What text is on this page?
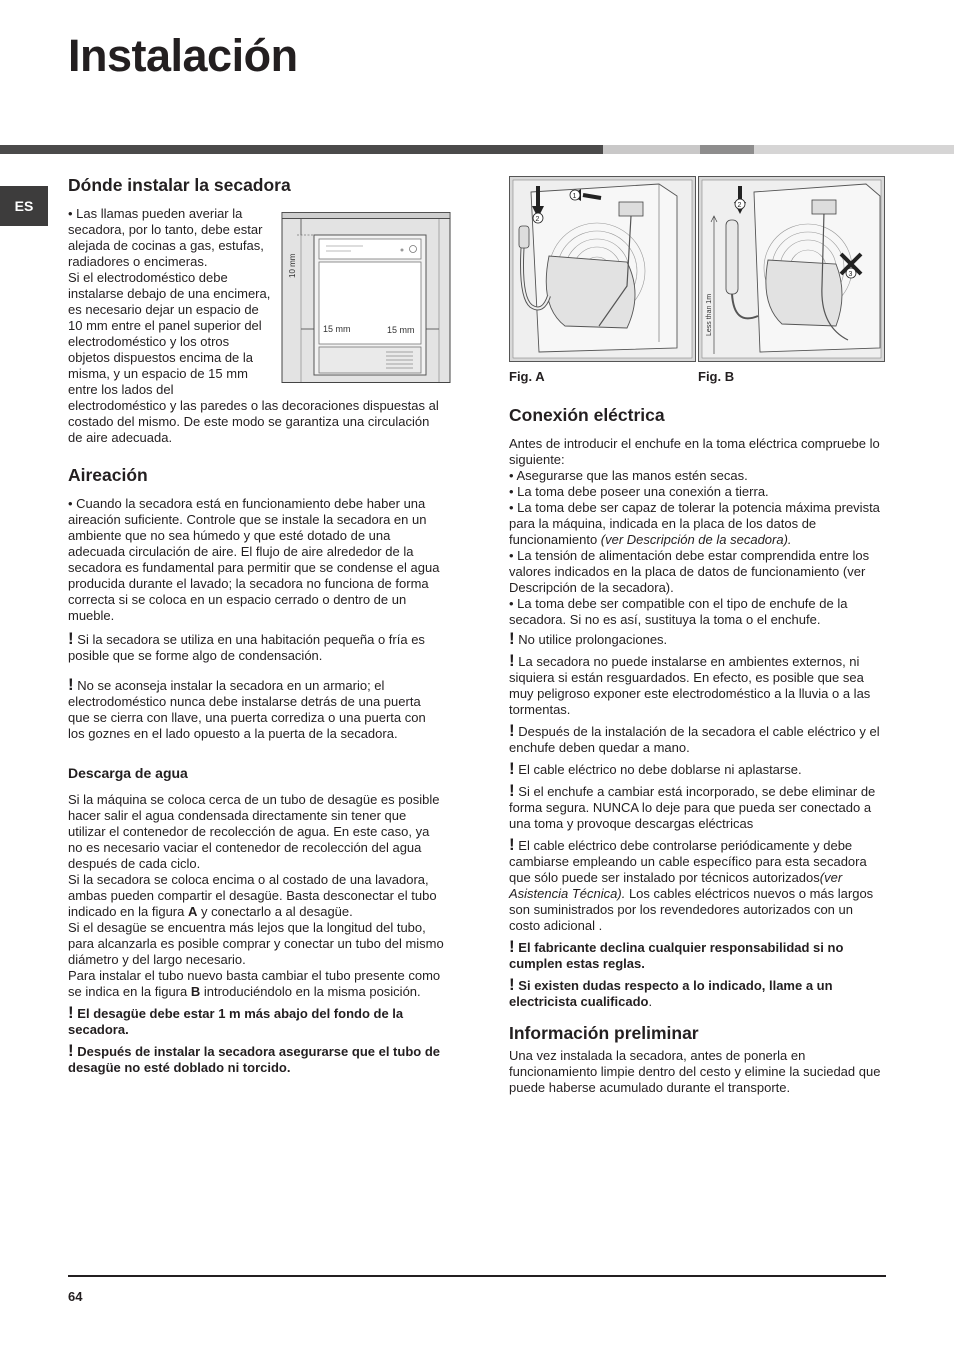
Instalación
ES
Dónde instalar la secadora
10 mm
15 mm	15 mm

• Las llamas pueden averiar la secadora, por lo tanto, debe estar alejada de cocinas a gas, estufas, radiadores o encimeras.

Si el electrodoméstico debe instalarse debajo de una encimera, es necesario dejar un espacio de 10 mm entre el panel superior del electrodoméstico y los otros objetos dispuestos encima de la misma, y un espacio de 15 mm entre los lados del electrodoméstico y las paredes o las decoraciones dispuestas al costado del mismo. De este modo se garantiza una circulación de aire adecuada.

Aireación

• Cuando la secadora está en funcionamiento debe haber una aireación suficiente. Controle que se instale la secadora en un ambiente que no sea húmedo y que esté dotado de una adecuada circulación de aire. El flujo de aire alrededor de la secadora es fundamental para permitir que se condense el agua producida durante el lavado; la secadora no funciona de forma correcta si se coloca en un espacio cerrado o dentro de un mueble.

! Si la secadora se utiliza en una habitación pequeña o fría es posible que se forme algo de condensación.

! No se aconseja instalar la secadora en un armario; el electrodoméstico nunca debe instalarse detrás de una puerta que se cierra con llave, una puerta corrediza o una puerta con los goznes en el lado opuesto a la puerta de la secadora.

Descarga de agua

Si la máquina se coloca cerca de un tubo de desagüe es posible hacer salir el agua condensada directamente sin tener que utilizar el contenedor de recolección de agua. En este caso, ya no es necesario vaciar el contenedor de recolección del agua después de cada ciclo.

Si la secadora se coloca encima o al costado de una lavadora, ambas pueden compartir el desagüe. Basta desconectar el tubo indicado en la figura A y conectarlo a al desagüe.

Si el desagüe se encuentra más lejos que la longitud del tubo, para alcanzarla es posible comprar y conectar un tubo del mismo diámetro y del largo necesario.

Para instalar el tubo nuevo basta cambiar el tubo presente como se indica en la figura B introduciéndolo en la misma posición.

! El desagüe debe estar 1 m más abajo del fondo de la secadora.

! Después de instalar la secadora asegurarse que el tubo de desagüe no esté doblado ni torcido.

1
2
Fig. A
Less than 1m
2
3
Fig. B
Conexión eléctrica

Antes de introducir el enchufe en la toma eléctrica compruebe lo siguiente:

• Asegurarse que las manos estén secas.

• La toma debe poseer una conexión a tierra.

• La toma debe ser capaz de tolerar la potencia máxima prevista para la máquina, indicada en la placa de los datos de funcionamiento (ver Descripción de la secadora).

• La tensión de alimentación debe estar comprendida entre los valores indicados en la placa de datos de funcionamiento (ver Descripción de la secadora).

• La toma debe ser compatible con el tipo de enchufe de la secadora. Si no es así, sustituya la toma o el enchufe.

! No utilice prolongaciones.

! La secadora no puede instalarse en ambientes externos, ni siquiera si están resguardados. En efecto, es posible que sea muy peligroso exponer este electrodoméstico a la lluvia o a las tormentas.

! Después de la instalación de la secadora el cable eléctrico y el enchufe deben quedar a mano.

! El cable eléctrico no debe doblarse ni aplastarse.

! Si el enchufe a cambiar está incorporado, se debe eliminar de forma segura. NUNCA lo deje para que pueda ser conectado a una toma y provoque descargas eléctricas

! El cable eléctrico debe controlarse periódicamente y debe cambiarse empleando un cable específico para esta secadora que sólo puede ser instalado por técnicos autorizados(ver Asistencia Técnica). Los cables eléctricos nuevos o más largos son suministrados por los revendedores autorizados con un costo adicional .

! El fabricante declina cualquier responsabilidad si no cumplen estas reglas.

! Si existen dudas respecto a lo indicado, llame a un electricista cualificado.

Información preliminar

Una vez instalada la secadora, antes de ponerla en funcionamiento limpie dentro del cesto y elimine la suciedad que puede haberse acumulado durante el transporte.

64
